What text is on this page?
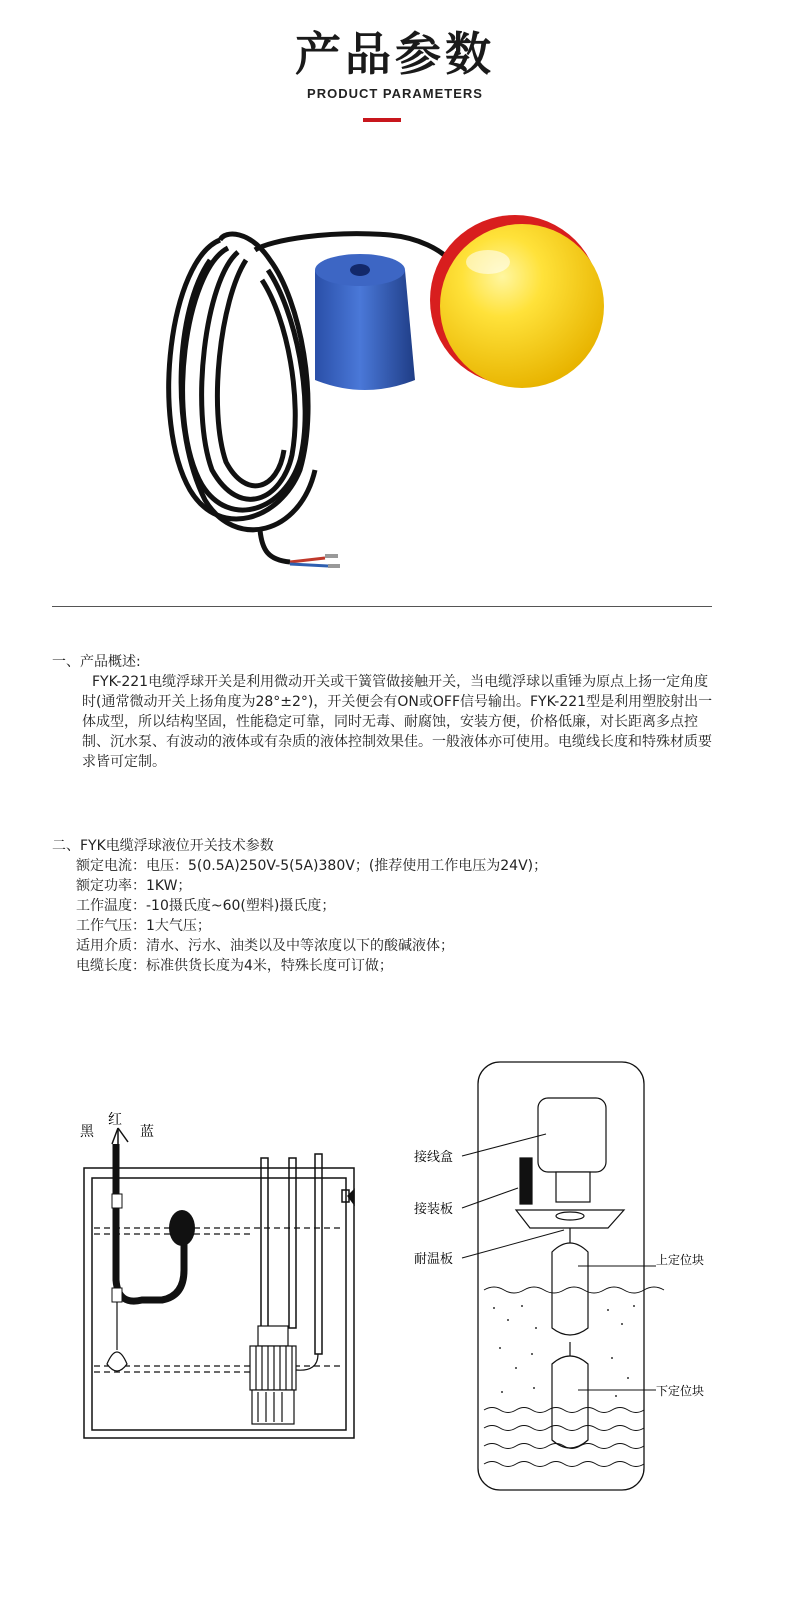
产品参数
PRODUCT PARAMETERS
一、产品概述:
FYK-221电缆浮球开关是利用微动开关或干簧管做接触开关，当电缆浮球以重锤为原点上扬一定角度时(通常微动开关上扬角度为28°±2°)，开关便会有ON或OFF信号输出。FYK-221型是利用塑胶射出一体成型，所以结构坚固，性能稳定可靠，同时无毒、耐腐蚀，安装方便，价格低廉，对长距离多点控制、沉水泵、有波动的液体或有杂质的液体控制效果佳。一般液体亦可使用。电缆线长度和特殊材质要求皆可定制。
二、FYK电缆浮球液位开关技术参数
额定电流：电压：5(0.5A)250V-5(5A)380V；(推荐使用工作电压为24V)；
额定功率：1KW；
工作温度：-10摄氏度~60(塑料)摄氏度；
工作气压：1大气压；
适用介质：清水、污水、油类以及中等浓度以下的酸碱液体；
电缆长度：标准供货长度为4米，特殊长度可订做；
黑
红
蓝
接线盒
接装板
耐温板	上定位块
下定位块
